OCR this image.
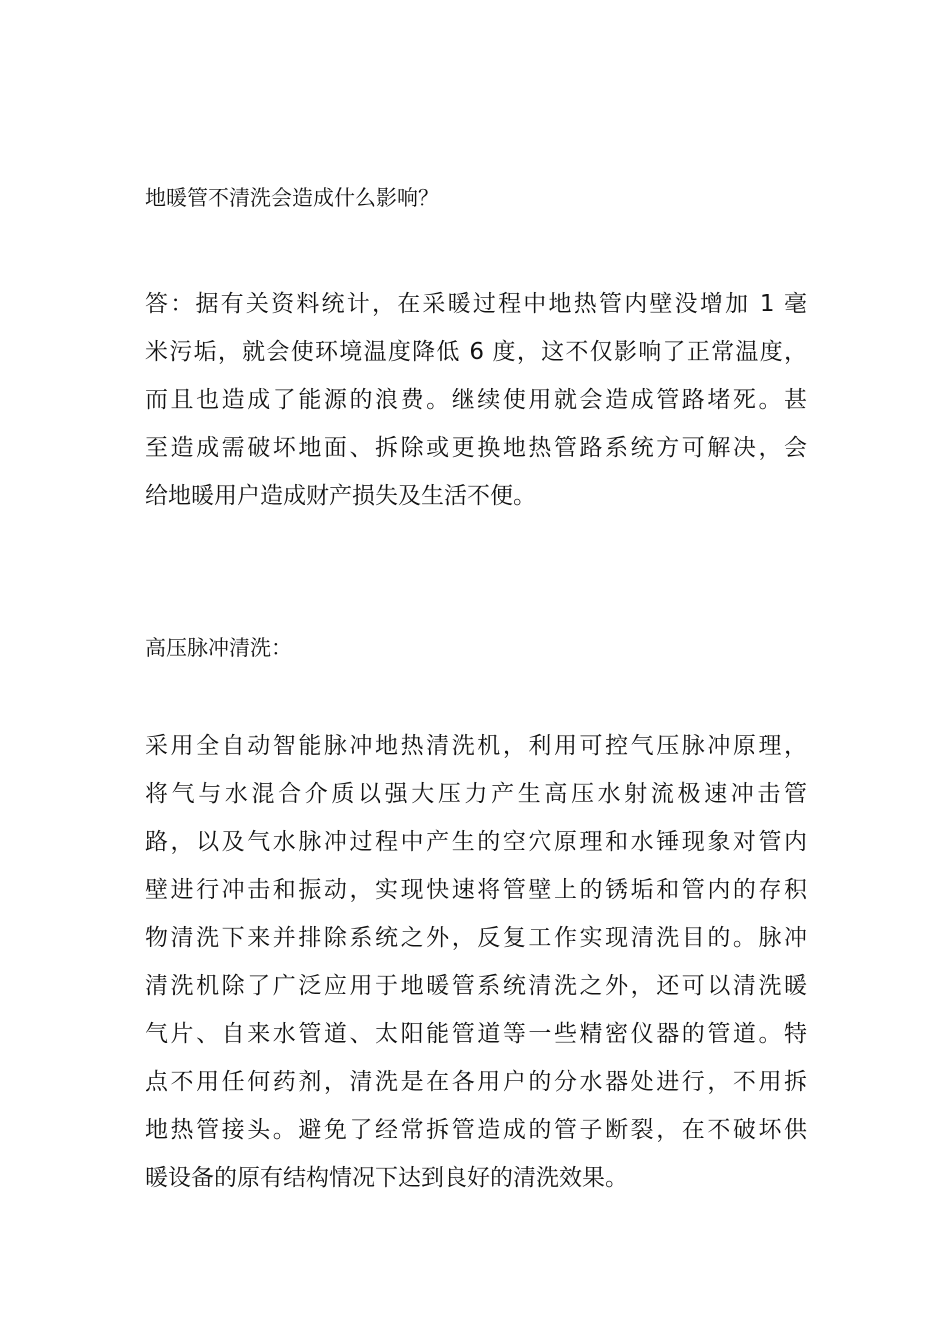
地暖管不清洗会造成什么影响？

答：据有关资料统计，在采暖过程中地热管内壁没增加 1 毫
米污垢，就会使环境温度降低 6 度，这不仅影响了正常温度，
而且也造成了能源的浪费。继续使用就会造成管路堵死。甚
至造成需破坏地面、拆除或更换地热管路系统方可解决，会
给地暖用户造成财产损失及生活不便。

高压脉冲清洗：

采用全自动智能脉冲地热清洗机，利用可控气压脉冲原理，
将气与水混合介质以强大压力产生高压水射流极速冲击管
路，以及气水脉冲过程中产生的空穴原理和水锤现象对管内
壁进行冲击和振动，实现快速将管壁上的锈垢和管内的存积
物清洗下来并排除系统之外，反复工作实现清洗目的。脉冲
清洗机除了广泛应用于地暖管系统清洗之外，还可以清洗暖
气片、自来水管道、太阳能管道等一些精密仪器的管道。特
点不用任何药剂，清洗是在各用户的分水器处进行，不用拆
地热管接头。避免了经常拆管造成的管子断裂，在不破坏供
暖设备的原有结构情况下达到良好的清洗效果。
